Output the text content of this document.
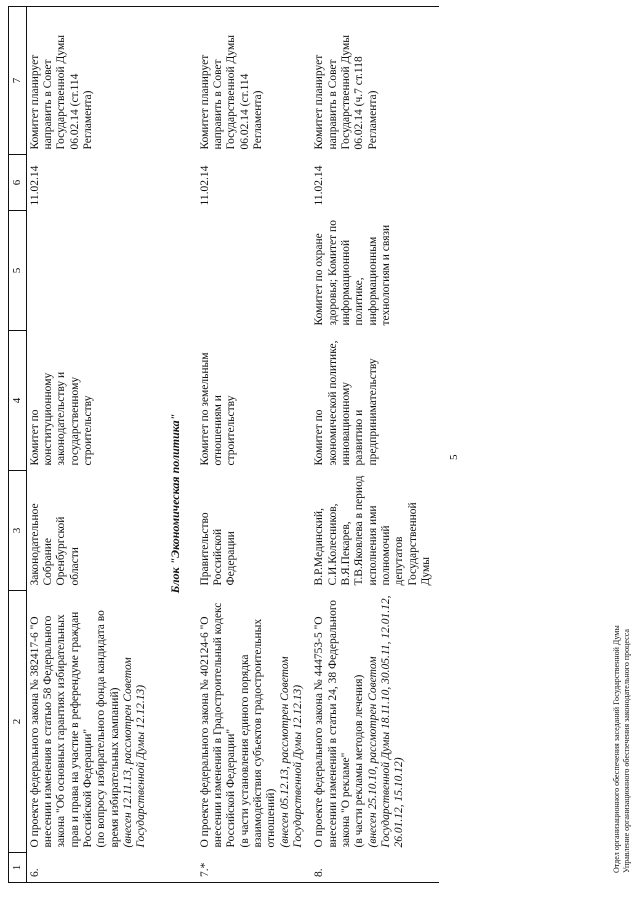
5
1	2	3	4	5	6	7
6.	О проекте федерального закона № 382417-6 "О внесении изменения в статью 58 Федерального закона "Об основных гарантиях избирательных прав и права на участие в референдуме граждан Российской Федерации" (по вопросу избирательного фонда кандидата во время избирательных кампаний) (внесен 12.11.13, рассмотрен Советом Государственной Думы 12.12.13)	Законодательное Собрание Оренбургской области	Комитет по конституционному законодательству и государственному строительству		11.02.14	Комитет планирует направить в Совет Государственной Думы 06.02.14 (ст.114 Регламента)
	Блок "Экономическая политика"					
7.*	О проекте федерального закона № 402124-6 "О внесении изменений в Градостроительный кодекс Российской Федерации" (в части установления единого порядка взаимодействия субъектов градостроительных отношений) (внесен 05.12.13, рассмотрен Советом Государственной Думы 12.12.13)	Правительство Российской Федерации	Комитет по земельным отношениям и строительству		11.02.14	Комитет планирует направить в Совет Государственной Думы 06.02.14 (ст.114 Регламента)
8.	О проекте федерального закона № 444753-5 "О внесении изменений в статьи 24, 38 Федерального закона "О рекламе" (в части рекламы методов лечения) (внесен 25.10.10, рассмотрен Советом Государственной Думы 18.11.10, 30.05.11, 12.01.12, 26.01.12, 15.10.12)	В.Р.Мединский, С.И.Колесников, В.Я.Пекарев, Т.В.Яковлева в период исполнения ими полномочий депутатов Государственной Думы	Комитет по экономической политике, инновационному развитию и предпринимательству	Комитет по охране здоровья; Комитет по информационной политике, информационным технологиям и связи	11.02.14	Комитет планирует направить в Совет Государственной Думы 06.02.14 (ч.7 ст.118 Регламента)
Отдел организационного обеспечения заседаний Государственной Думы Управление организационного обеспечения законодательного процесса
